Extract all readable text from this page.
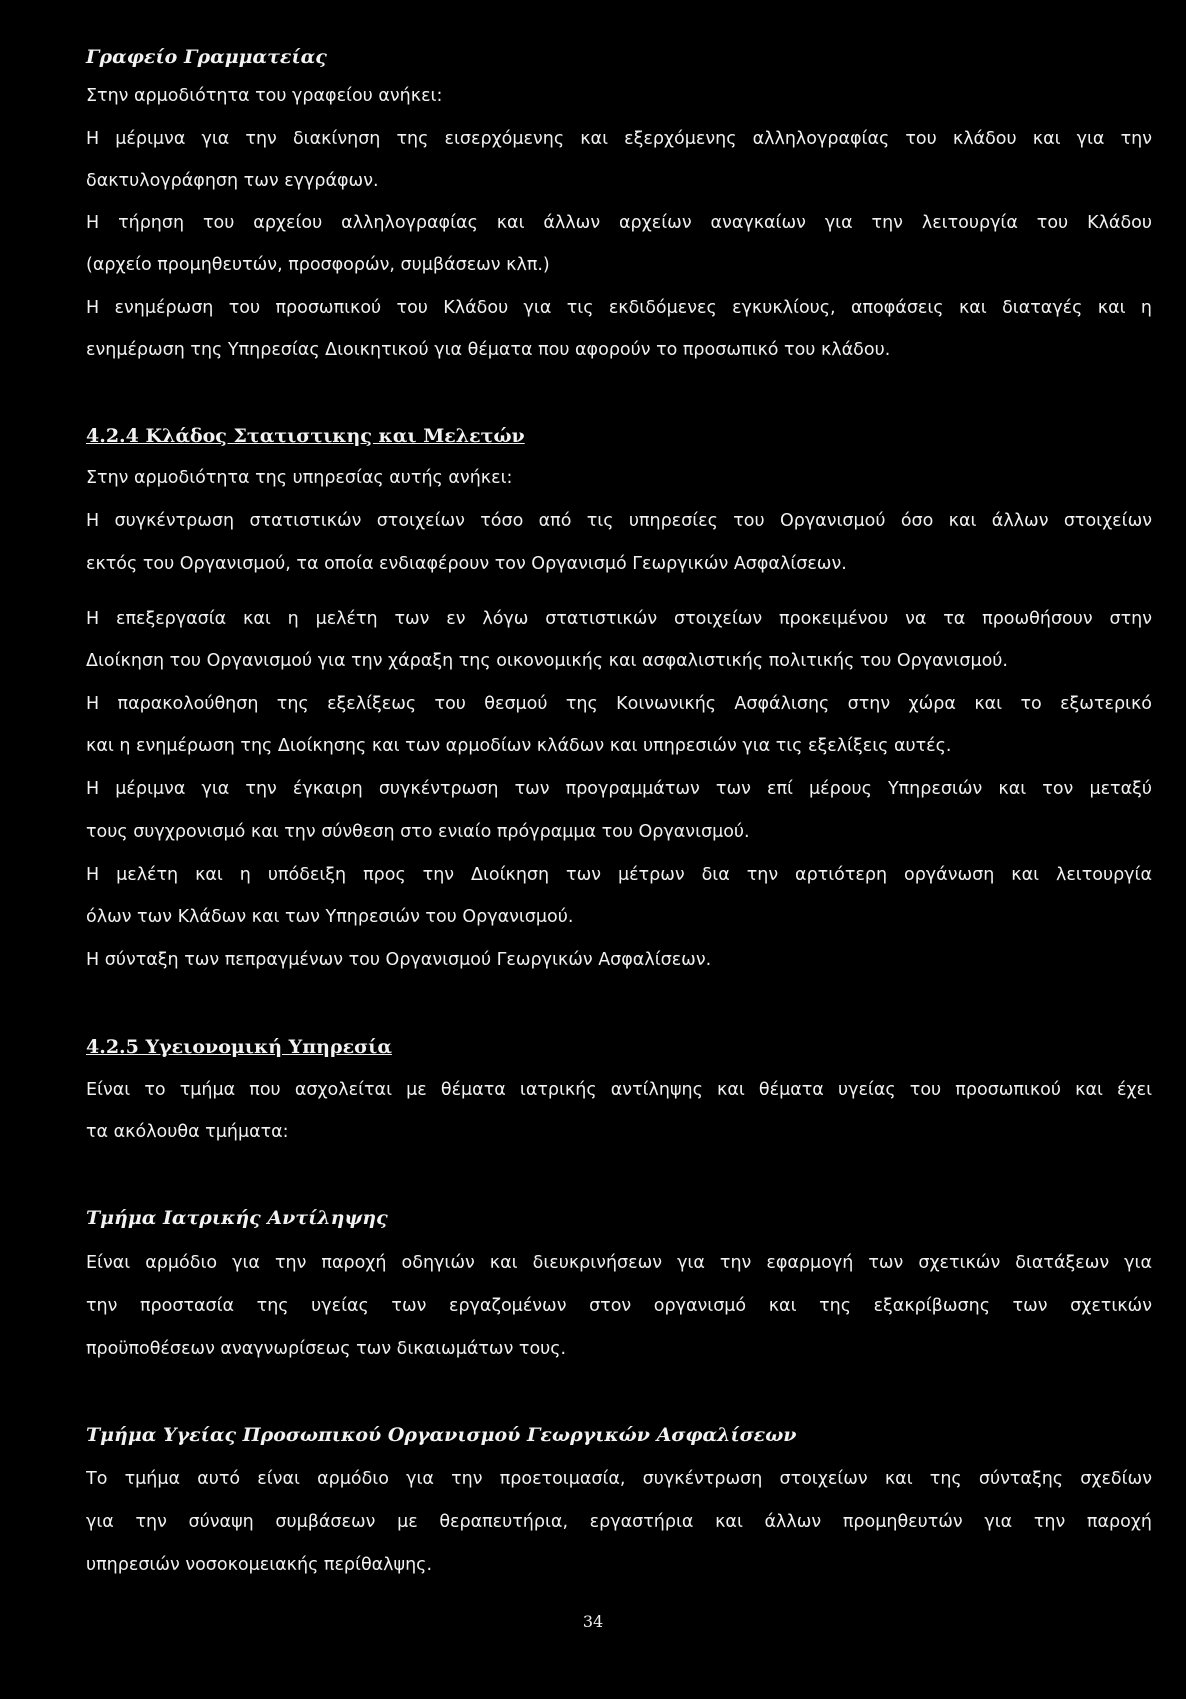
Γραφείο Γραμματείας
Στην αρμοδιότητα του γραφείου ανήκει:
Η μέριμνα για την διακίνηση της εισερχόμενης και εξερχόμενης αλληλογραφίας του κλάδου και για την
δακτυλογράφηση των εγγράφων.
Η τήρηση του αρχείου αλληλογραφίας και άλλων αρχείων αναγκαίων για την λειτουργία του Κλάδου
(αρχείο προμηθευτών, προσφορών, συμβάσεων κλπ.)
Η ενημέρωση του προσωπικού του Κλάδου για τις εκδιδόμενες εγκυκλίους, αποφάσεις και διαταγές και η
ενημέρωση της Υπηρεσίας Διοικητικού για θέματα που αφορούν το προσωπικό του κλάδου.
4.2.4 Κλάδος Στατιστικης και Μελετών
Στην αρμοδιότητα της υπηρεσίας αυτής ανήκει:
Η συγκέντρωση στατιστικών στοιχείων τόσο από τις υπηρεσίες του Οργανισμού όσο και άλλων στοιχείων
εκτός του Οργανισμού, τα οποία ενδιαφέρουν τον Οργανισμό Γεωργικών Ασφαλίσεων.
Η επεξεργασία και η μελέτη των εν λόγω στατιστικών στοιχείων προκειμένου να τα προωθήσουν στην
Διοίκηση του Οργανισμού για την χάραξη της οικονομικής και ασφαλιστικής πολιτικής του Οργανισμού.
Η παρακολούθηση της εξελίξεως του θεσμού της Κοινωνικής Ασφάλισης στην χώρα και το εξωτερικό
και η ενημέρωση της Διοίκησης και των αρμοδίων κλάδων και υπηρεσιών για τις εξελίξεις αυτές.
Η μέριμνα για την έγκαιρη συγκέντρωση των προγραμμάτων των επί μέρους Υπηρεσιών και τον μεταξύ
τους συγχρονισμό και την σύνθεση στο ενιαίο πρόγραμμα του Οργανισμού.
Η μελέτη και η υπόδειξη προς την Διοίκηση των μέτρων δια την αρτιότερη οργάνωση και λειτουργία
όλων των Κλάδων και των Υπηρεσιών του Οργανισμού.
Η σύνταξη των πεπραγμένων του Οργανισμού Γεωργικών Ασφαλίσεων.
4.2.5 Υγειονομική Υπηρεσία
Είναι το τμήμα που ασχολείται με θέματα ιατρικής αντίληψης και θέματα υγείας του προσωπικού και έχει
τα ακόλουθα τμήματα:
Τμήμα Ιατρικής Αντίληψης
Είναι αρμόδιο για την παροχή οδηγιών και διευκρινήσεων για την εφαρμογή των σχετικών διατάξεων για
την προστασία της υγείας των εργαζομένων στον οργανισμό και της εξακρίβωσης των σχετικών
προϋποθέσεων αναγνωρίσεως των δικαιωμάτων τους.
Τμήμα Υγείας Προσωπικού Οργανισμού Γεωργικών Ασφαλίσεων
Το τμήμα αυτό είναι αρμόδιο για την προετοιμασία, συγκέντρωση στοιχείων και της σύνταξης σχεδίων
για την σύναψη συμβάσεων με θεραπευτήρια, εργαστήρια και άλλων προμηθευτών για την παροχή
υπηρεσιών νοσοκομειακής περίθαλψης.
34
